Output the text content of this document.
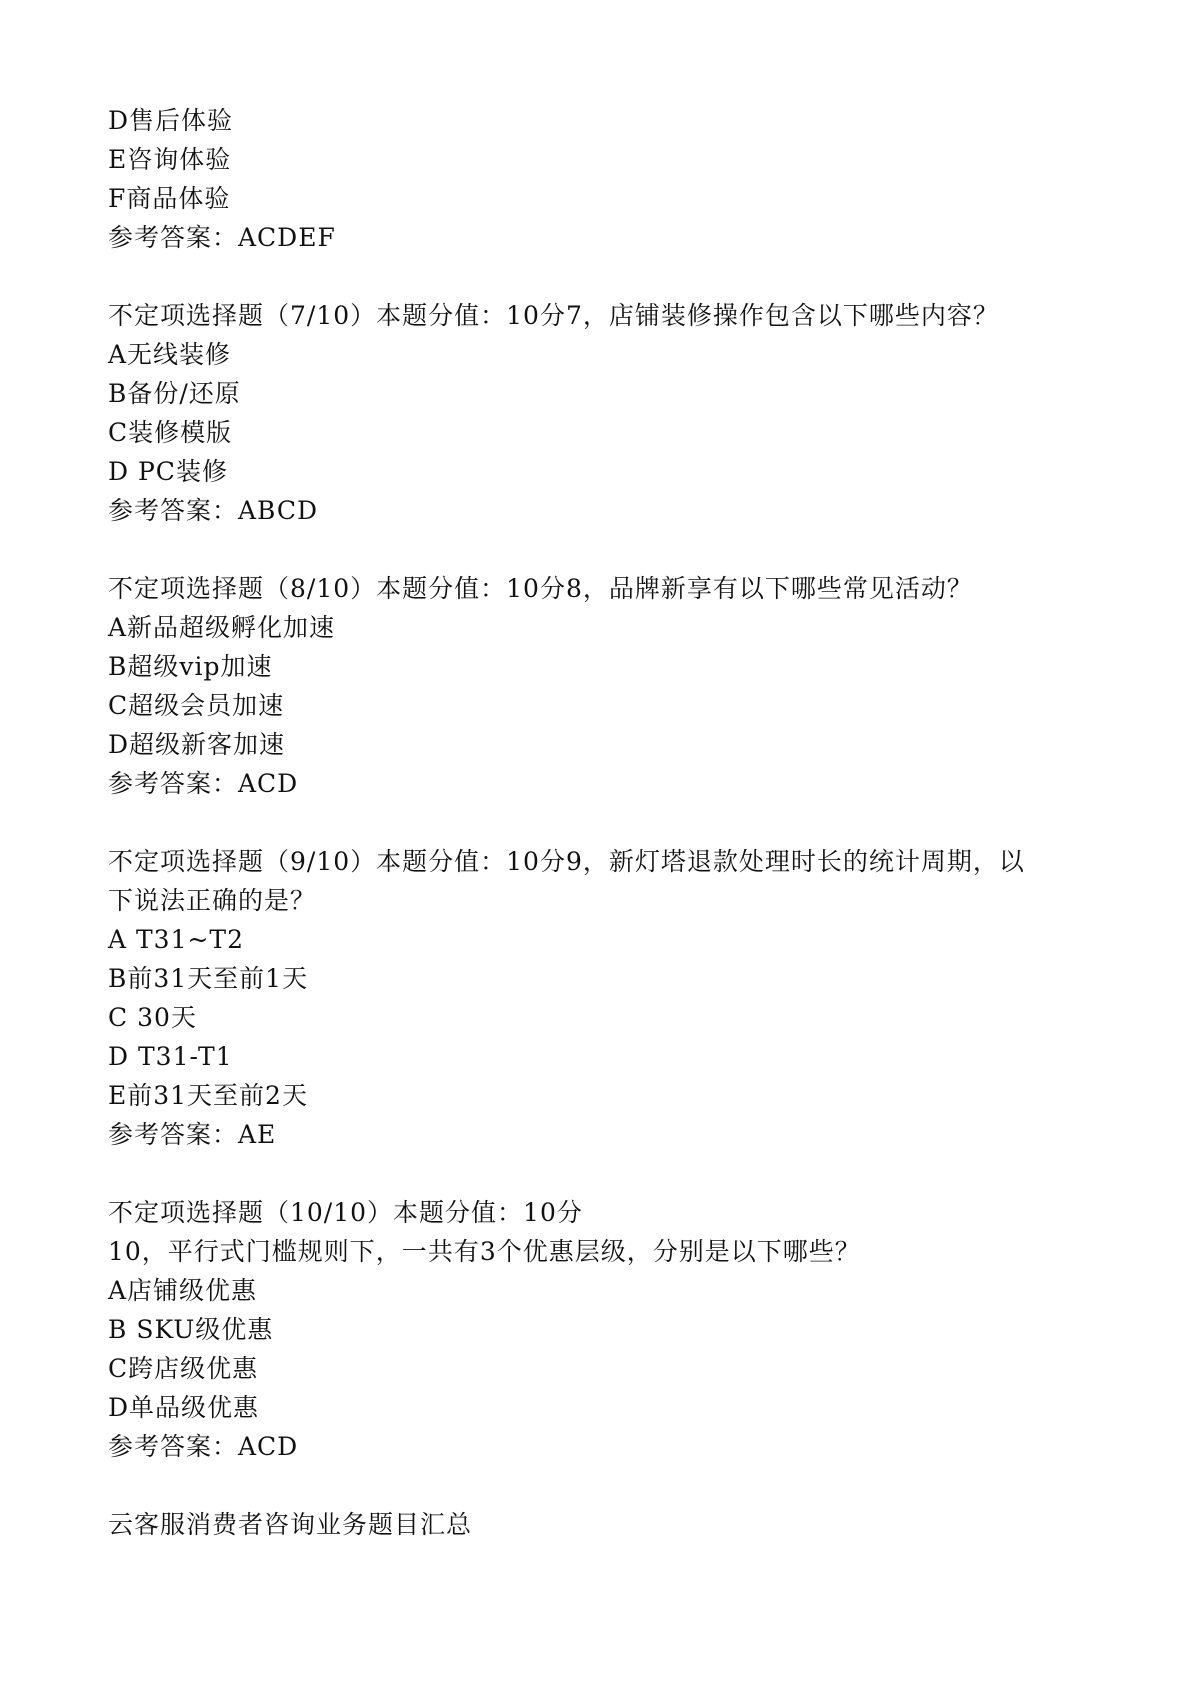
D售后体验
E咨询体验
F商品体验
参考答案：ACDEF
不定项选择题（7/10）本题分值：10分7，店铺装修操作包含以下哪些内容？
A无线装修
B备份/还原
C装修模版
D PC装修
参考答案：ABCD
不定项选择题（8/10）本题分值：10分8，品牌新享有以下哪些常见活动？
A新品超级孵化加速
B超级vip加速
C超级会员加速
D超级新客加速
参考答案：ACD
不定项选择题（9/10）本题分值：10分9，新灯塔退款处理时长的统计周期，以
下说法正确的是？
A T31~T2
B前31天至前1天
C 30天
D T31-T1
E前31天至前2天
参考答案：AE
不定项选择题（10/10）本题分值：10分
10，平行式门槛规则下，一共有3个优惠层级，分别是以下哪些？
A店铺级优惠
B SKU级优惠
C跨店级优惠
D单品级优惠
参考答案：ACD
云客服消费者咨询业务题目汇总
